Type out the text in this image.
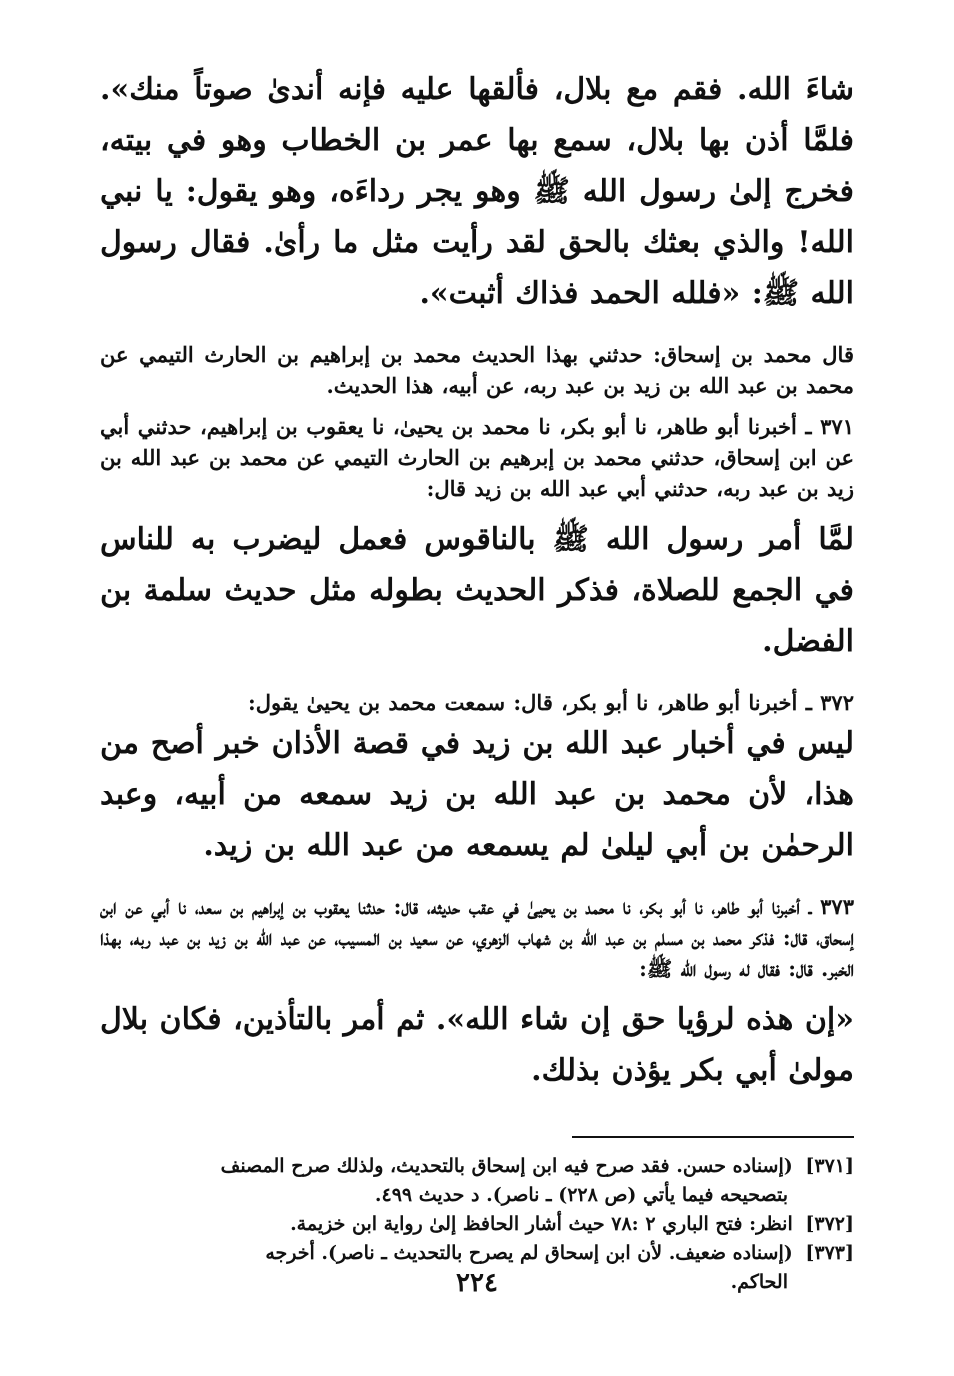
شاءَ الله. فقم مع بلال، فألقها عليه فإنه أندىٰ صوتاً منك». فلمَّا أذن بها بلال، سمع بها عمر بن الخطاب وهو في بيته، فخرج إلىٰ رسول الله ﷺ وهو يجر رداءَه، وهو يقول: يا نبي الله! والذي بعثك بالحق لقد رأيت مثل ما رأىٰ. فقال رسول الله ﷺ: «فلله الحمد فذاك أثبت».

قال محمد بن إسحاق: حدثني بهذا الحديث محمد بن إبراهيم بن الحارث التيمي عن محمد بن عبد الله بن زيد بن عبد ربه، عن أبيه، هذا الحديث.

٣٧١ ـ أخبرنا أبو طاهر، نا أبو بكر، نا محمد بن يحيىٰ، نا يعقوب بن إبراهيم، حدثني أبي عن ابن إسحاق، حدثني محمد بن إبرهيم بن الحارث التيمي عن محمد بن عبد الله بن زيد بن عبد ربه، حدثني أبي عبد الله بن زيد قال:

لمَّا أمر رسول الله ﷺ بالناقوس فعمل ليضرب به للناس في الجمع للصلاة، فذكر الحديث بطوله مثل حديث سلمة بن الفضل.

٣٧٢ ـ أخبرنا أبو طاهر، نا أبو بكر، قال: سمعت محمد بن يحيىٰ يقول:

ليس في أخبار عبد الله بن زيد في قصة الأذان خبر أصح من هذا، لأن محمد بن عبد الله بن زيد سمعه من أبيه، وعبد الرحمٰن بن أبي ليلىٰ لم يسمعه من عبد الله بن زيد.

٣٧٣ ـ أخبرنا أبو طاهر، نا أبو بكر، نا محمد بن يحيىٰ في عقب حديثه، قال: حدثنا يعقوب بن إبراهيم بن سعد، نا أبي عن ابن إسحاق، قال: فذكر محمد بن مسلم بن عبد الله بن شهاب الزهري، عن سعيد بن المسيب، عن عبد الله بن زيد بن عبد ربه، بهذا الخبر. قال: فقال له رسول الله ﷺ:

«إن هذه لرؤيا حق إن شاء الله». ثم أمر بالتأذين، فكان بلال مولىٰ أبي بكر يؤذن بذلك.

[٣٧١] (إسناده حسن. فقد صرح فيه ابن إسحاق بالتحديث، ولذلك صرح المصنف

بتصحيحه فيما يأتي (ص ٢٢٨) ـ ناصر). د حديث ٤٩٩.

[٣٧٢] انظر: فتح الباري ٢ :٧٨ حيث أشار الحافظ إلىٰ رواية ابن خزيمة.

[٣٧٣] (إسناده ضعيف. لأن ابن إسحاق لم يصرح بالتحديث ـ ناصر). أخرجه

الحاكم.

٢٢٤
